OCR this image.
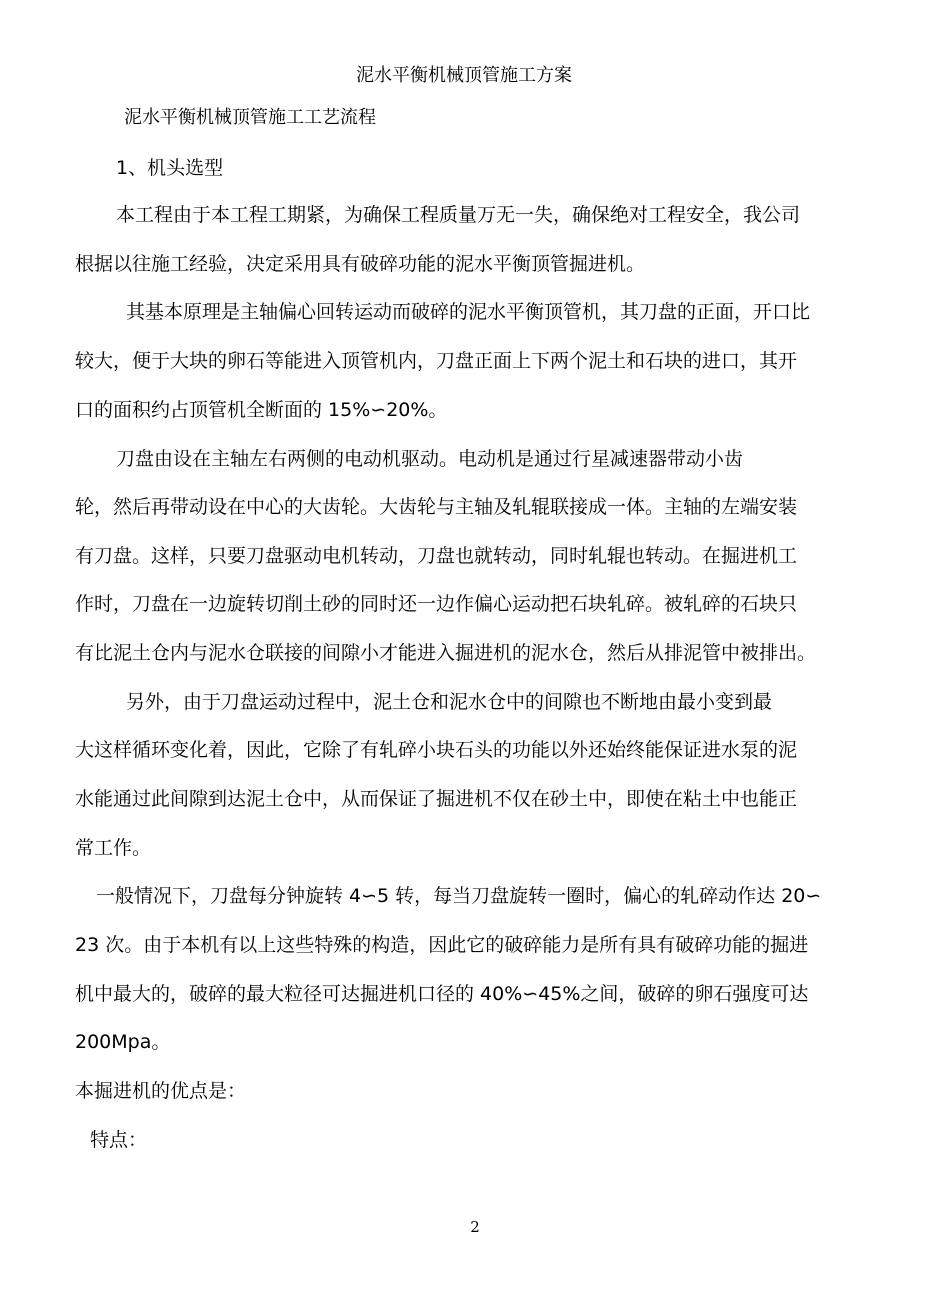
泥水平衡机械顶管施工方案

泥水平衡机械顶管施工工艺流程

1、机头选型

本工程由于本工程工期紧，为确保工程质量万无一失，确保绝对工程安全，我公司

根据以往施工经验，决定采用具有破碎功能的泥水平衡顶管掘进机。

其基本原理是主轴偏心回转运动而破碎的泥水平衡顶管机，其刀盘的正面，开口比

较大，便于大块的卵石等能进入顶管机内，刀盘正面上下两个泥土和石块的进口，其开

口的面积约占顶管机全断面的 15%∽20%。

刀盘由设在主轴左右两侧的电动机驱动。电动机是通过行星减速器带动小齿

轮，然后再带动设在中心的大齿轮。大齿轮与主轴及轧辊联接成一体。主轴的左端安装

有刀盘。这样，只要刀盘驱动电机转动，刀盘也就转动，同时轧辊也转动。在掘进机工

作时，刀盘在一边旋转切削土砂的同时还一边作偏心运动把石块轧碎。被轧碎的石块只

有比泥土仓内与泥水仓联接的间隙小才能进入掘进机的泥水仓，然后从排泥管中被排出。

另外，由于刀盘运动过程中，泥土仓和泥水仓中的间隙也不断地由最小变到最

大这样循环变化着，因此，它除了有轧碎小块石头的功能以外还始终能保证进水泵的泥

水能通过此间隙到达泥土仓中，从而保证了掘进机不仅在砂土中，即使在粘土中也能正

常工作。

一般情况下，刀盘每分钟旋转 4∽5 转，每当刀盘旋转一圈时，偏心的轧碎动作达 20∽

23 次。由于本机有以上这些特殊的构造，因此它的破碎能力是所有具有破碎功能的掘进

机中最大的，破碎的最大粒径可达掘进机口径的 40%∽45%之间，破碎的卵石强度可达

200Mpa。

本掘进机的优点是：

特点：

2
